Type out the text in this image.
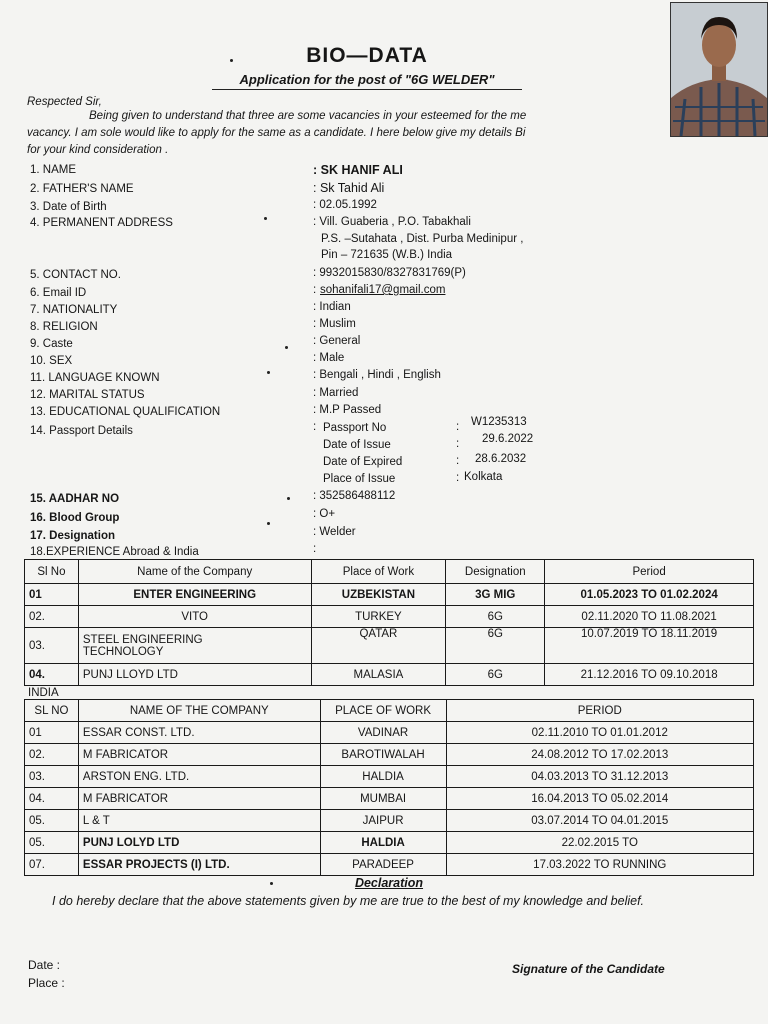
BIO—DATA
Application for the post of "6G WELDER"
Respected Sir,
Being given to understand that three are some vacancies in your esteemed for the me
vacancy. I am sole would like to apply for the same as a candidate. I here below give my details Bi
for your kind consideration .
1. NAME	: SK HANIF ALI
2. FATHER'S NAME	: Sk Tahid Ali
3. Date of Birth	: 02.05.1992
4. PERMANENT ADDRESS	: Vill. Guaberia , P.O. Tabakhali
P.S. –Sutahata , Dist. Purba Medinipur ,
Pin – 721635 (W.B.) India
5. CONTACT NO.	: 9932015830/8327831769(P)
6. Email ID	: sohanifali17@gmail.com
7. NATIONALITY	: Indian
8. RELIGION	: Muslim
9. Caste	: General
10. SEX	: Male
11. LANGUAGE KNOWN	: Bengali , Hindi , English
12. MARITAL STATUS	: Married
13. EDUCATIONAL QUALIFICATION	: M.P Passed
14. Passport Details	: Passport No	: W1235313
Date of Issue	: 29.6.2022
Date of Expired	: 28.6.2032
Place of Issue	: Kolkata
15. AADHAR NO	: 352586488112
16. Blood Group	: O+
17. Designation	: Welder
18.EXPERIENCE Abroad & India	:
Sl No	Name of the Company	Place of Work	Designation	Period
01	ENTER ENGINEERING	UZBEKISTAN	3G MIG	01.05.2023 TO 01.02.2024
02.	VITO	TURKEY	6G	02.11.2020 TO 11.08.2021
03.	STEEL ENGINEERING
TECHNOLOGY	QATAR	6G	10.07.2019 TO 18.11.2019
04.	PUNJ LLOYD LTD	MALASIA	6G	21.12.2016 TO 09.10.2018
INDIA
SL NO	NAME OF THE COMPANY	PLACE OF WORK	PERIOD
01	ESSAR CONST. LTD.	VADINAR	02.11.2010 TO 01.01.2012
02.	M FABRICATOR	BAROTIWALAH	24.08.2012 TO 17.02.2013
03.	ARSTON ENG. LTD.	HALDIA	04.03.2013 TO 31.12.2013
04.	M FABRICATOR	MUMBAI	16.04.2013 TO 05.02.2014
05.	L & T	JAIPUR	03.07.2014 TO 04.01.2015
05.	PUNJ LOLYD LTD	HALDIA	22.02.2015 TO
07.	ESSAR PROJECTS (I) LTD.	PARADEEP	17.03.2022 TO RUNNING
Declaration
I do hereby declare that the above statements given by me are true to the best of my knowledge and belief.
Date :
Place :
Signature of the Candidate
